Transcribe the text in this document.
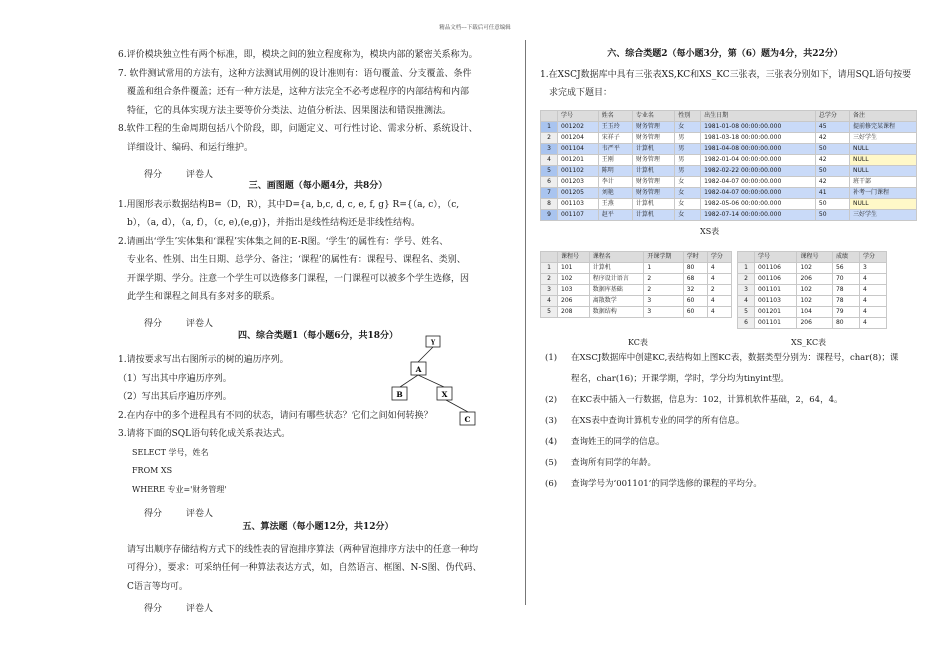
精品文档---下载后可任意编辑

6.评价模块独立性有两个标准，即，模块之间的独立程度称为，模块内部的紧密关系称为。

7. 软件测试常用的方法有，这种方法测试用例的设计准则有：语句覆盖、分支覆盖、条件

覆盖和组合条件覆盖；还有一种方法是，这种方法完全不必考虑程序的内部结构和内部

特征，它的具体实现方法主要等价分类法、边值分析法、因果图法和错误推测法。

8.软件工程的生命周期包括八个阶段，即，问题定义、可行性讨论、需求分析、系统设计、

详细设计、编码、和运行维护。

得分	评卷人

三、画图题（每小题4分，共8分）

1.用图形表示数据结构B=（D，R），其中D={a, b,c, d, c, e, f, g} R={（a, c），（c,

b），（a, d），（a, f），（c, e),(e,g)}，并指出是线性结构还是非线性结构。

2.请画出‘学生’实体集和‘课程’实体集之间的E-R图。‘学生’的属性有：学号、姓名、

专业名、性别、出生日期、总学分、备注；‘课程’的属性有：课程号、课程名、类别、

开课学期、学分。注意一个学生可以选修多门课程，一门课程可以被多个学生选修，因

此学生和课程之间具有多对多的联系。

得分	评卷人

四、综合类题1（每小题6分，共18分）

1.请按要求写出右图所示的树的遍历序列。

（1）写出其中序遍历序列。

（2）写出其后序遍历序列。

2.在内存中的多个进程具有不同的状态，请问有哪些状态？它们之间如何转换？

3.请将下面的SQL语句转化成关系表达式。

SELECT 学号，姓名

FROM XS

WHERE 专业='财务管理'

得分	评卷人

五、算法题（每小题12分，共12分）

请写出顺序存储结构方式下的线性表的冒泡排序算法（两种冒泡排序方法中的任意一种均

可得分），要求：可采纳任何一种算法表达方式，如，自然语言、框图、N-S图、伪代码、

C语言等均可。

得分	评卷人
Y
A
B	X
C

六、综合类题2（每小题3分，第（6）题为4分，共22分）

1.在XSCJ数据库中具有三张表XS,KC和XS_KC三张表，三张表分别如下，请用SQL语句按要

求完成下题目：

	学号	姓名	专业名	性别	出生日期	总学分	备注
1	001202	王玉玲	财务管理	女	1981-01-08 00:00:00.000	45	提前修完某课程
2	001204	宋祥子	财务管理	男	1981-03-18 00:00:00.000	42	三好学生
3	001104	韦严平	计算机	男	1981-04-08 00:00:00.000	50	NULL
4	001201	王刚	财务管理	男	1982-01-04 00:00:00.000	42	NULL
5	001102	陈明	计算机	男	1982-02-22 00:00:00.000	50	NULL
6	001203	李计	财务管理	女	1982-04-07 00:00:00.000	42	班干部
7	001205	刘艳	财务管理	女	1982-04-07 00:00:00.000	41	补考一门课程
8	001103	王燕	计算机	女	1982-05-06 00:00:00.000	50	NULL
9	001107	赵平	计算机	女	1982-07-14 00:00:00.000	50	三好学生
XS表
	课程号	课程名	开课学期	学时	学分
1	101	计算机	1	80	4
2	102	程序设计语言	2	68	4
3	103	数据库基础	2	32	2
4	206	离散数学	3	60	4
5	208	数据结构	3	60	4
	学号	课程号	成绩	学分
1	001106	102	56	3
2	001106	206	70	4
3	001101	102	78	4
4	001103	102	78	4
5	001201	104	79	4
6	001101	206	80	4
KC表	XS_KC表

(1) 在XSCJ数据库中创建KC,表结构如上图KC表，数据类型分别为：课程号，char(8)；课

程名，char(16)；开课学期，学时，学分均为tinyint型。

(2) 在KC表中插入一行数据，信息为：102，计算机软件基础，2，64，4。

(3) 在XS表中查询计算机专业的同学的所有信息。

(4) 查询姓王的同学的信息。

(5) 查询所有同学的年龄。

(6) 查询学号为‘001101’的同学选修的课程的平均分。
